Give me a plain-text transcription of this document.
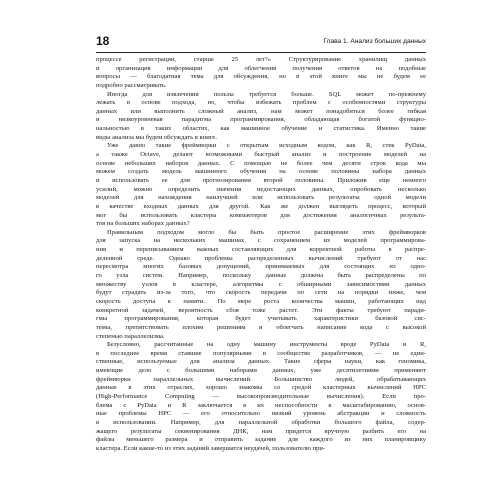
18	Глава 1. Анализ больших данных
процессе регистрации, старше 25 лет?» Структурирование хранилищ данных
и организация информации для облегчения получения ответов на подобные
вопросы — благодатная тема для обсуждения, но в этой книге мы не будем ее
подробно рассматривать.
Иногда для извлечения пользы требуется больше. SQL может по-прежнему
лежать в основе подхода, но, чтобы избежать проблем с особенностями структуры
данных или выполнить сложный анализ, нам может понадобиться более гибкая
и низкоуровневая парадигма программирования, обладающая богатой функцио-
нальностью в таких областях, как машинное обучение и статистика. Именно такие
виды анализа мы будем обсуждать в книге.
Уже давно такие фреймворки с открытым исходным кодом, как R, стек PyData,
а также Octave, делают возможными быстрый анализ и построение моделей на
основе небольших наборов данных. С помощью не более чем десяти строк кода мы
можем создать модель машинного обучения на основе половины набора данных
и использовать ее для прогнозирования второй половины. Приложив еще немного
усилий, можно определить значения недостающих данных, опробовать несколько
моделей для нахождения наилучшей или использовать результаты одной модели
в качестве входных данных для другой. Как же должен выглядеть процесс, который
мог бы использовать кластеры компьютеров для достижения аналогичных результа-
тов на больших наборах данных?
Правильным подходом могло бы быть простое расширение этих фреймворков
для запуска на нескольких машинах с сохранением их моделей программирова-
ния и переписыванием важных составляющих для корректной работы в распре-
деленной среде. Однако проблемы распределенных вычислений требуют от нас
пересмотра многих базовых допущений, принимаемых для состоящих из одно-
го узла систем. Например, поскольку данные должны быть распределены по
множеству узлов в кластере, алгоритмы с обширными зависимостями данных
будут страдать из-за того, что скорость передачи по сети на порядки ниже, чем
скорость доступа к памяти. По мере роста количества машин, работающих над
конкретной задачей, вероятность сбоя тоже растет. Эти факты требуют паради-
гмы программирования, которая будет учитывать характеристики базовой сис-
темы, препятствовать плохим решениям и облегчать написание кода с высокой
степенью параллелизма.
Безусловно, рассчитанные на одну машину инструменты вроде PyData и R,
в последнее время ставшие популярными в сообществе разработчиков, — не един-
ственные, используемые для анализа данных. Такие сферы науки, как геномика,
имеющие дело с большими наборами данных, уже десятилетиями применяют
фреймворки параллельных вычислений. Большинство людей, обрабатывающих
данные в этих отраслях, хорошо знакомы со средой кластерных вычислений HPC
(High-Performance Computing — высокопроизводительные вычисления). Если про-
блема с PyData и R заключается в их неспособности к масштабированию, основ-
ные проблемы HPC — его относительно низкий уровень абстракции и сложность
в использовании. Например, для параллельной обработки большого файла, содер-
жащего результаты секвенирования ДНК, нам придется вручную разбить его на
файлы меньшего размера и отправить задание для каждого из них планировщику
кластера. Если какие-то из этих заданий завершатся неудачей, пользователю при-
